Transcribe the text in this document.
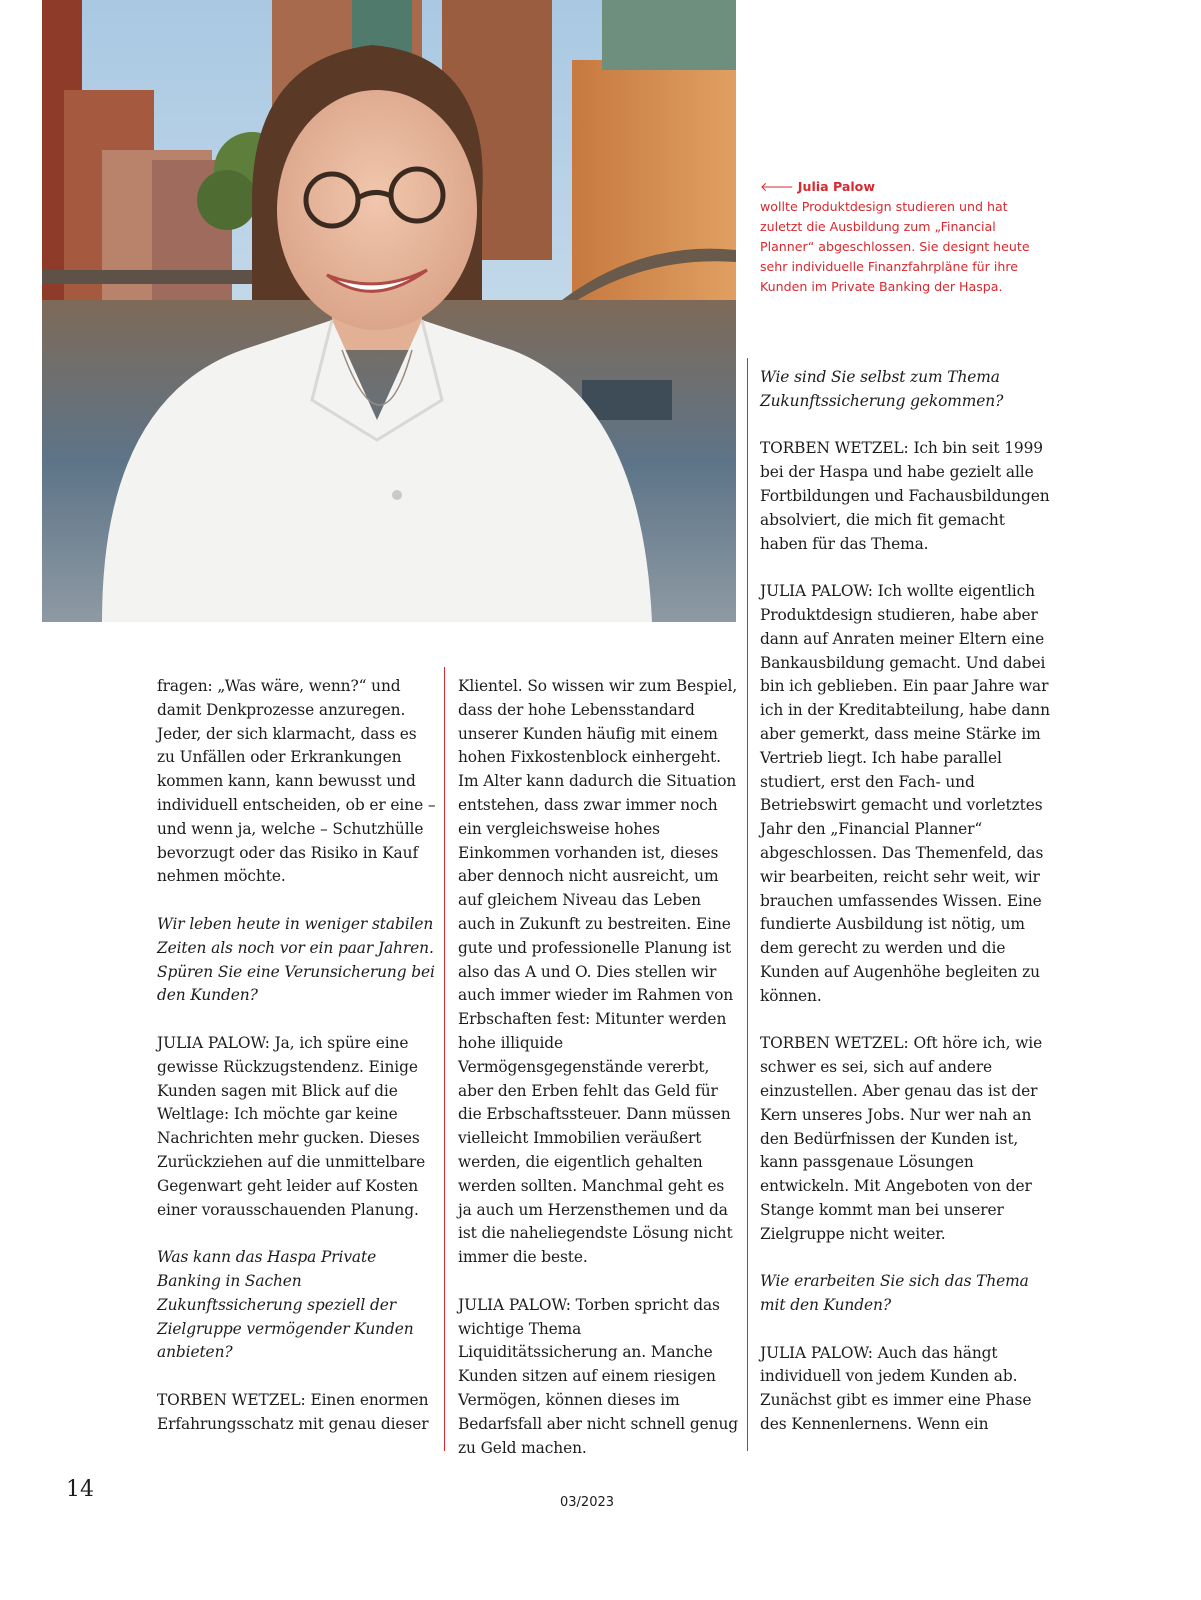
🡐 Julia Palow
wollte Produktdesign studieren und hat zuletzt die Ausbildung zum „Financial Planner“ abgeschlossen. Sie designt heute sehr individuelle Finanzfahrpläne für ihre Kunden im Private Banking der Haspa.

fragen: „Was wäre, wenn?“ und damit Denkprozesse anzuregen. Jeder, der sich klarmacht, dass es zu Unfällen oder Erkrankungen kommen kann, kann bewusst und individuell entscheiden, ob er eine – und wenn ja, welche – Schutzhülle bevorzugt oder das Risiko in Kauf nehmen möchte.

Wir leben heute in weniger stabilen Zeiten als noch vor ein paar Jahren. Spüren Sie eine Verunsicherung bei den Kunden?

JULIA PALOW: Ja, ich spüre eine gewisse Rückzugstendenz. Einige Kunden sagen mit Blick auf die Weltlage: Ich möchte gar keine Nachrichten mehr gucken. Dieses Zurückziehen auf die unmittelbare Gegenwart geht leider auf Kosten einer vorausschauenden Planung.

Was kann das Haspa Private Banking in Sachen Zukunftssicherung speziell der Zielgruppe vermögender Kunden anbieten?

TORBEN WETZEL: Einen enormen Erfahrungsschatz mit genau dieser

Klientel. So wissen wir zum Bespiel, dass der hohe Lebensstandard unserer Kunden häufig mit einem hohen Fixkostenblock einhergeht. Im Alter kann dadurch die Situation entstehen, dass zwar immer noch ein vergleichsweise hohes Einkommen vorhanden ist, dieses aber dennoch nicht ausreicht, um auf gleichem Niveau das Leben auch in Zukunft zu bestreiten. Eine gute und professionelle Planung ist also das A und O. Dies stellen wir auch immer wieder im Rahmen von Erbschaften fest: Mitunter werden hohe illiquide Vermögensgegenstände vererbt, aber den Erben fehlt das Geld für die Erbschaftssteuer. Dann müssen vielleicht Immobilien veräußert werden, die eigentlich gehalten werden sollten. Manchmal geht es ja auch um Herzensthemen und da ist die naheliegendste Lösung nicht immer die beste.

JULIA PALOW: Torben spricht das wichtige Thema Liquiditätssicherung an. Manche Kunden sitzen auf einem riesigen Vermögen, können dieses im Bedarfsfall aber nicht schnell genug zu Geld machen.

Wie sind Sie selbst zum Thema Zukunftssicherung gekommen?

TORBEN WETZEL: Ich bin seit 1999 bei der Haspa und habe gezielt alle Fortbildungen und Fachausbildungen absolviert, die mich fit gemacht haben für das Thema.

JULIA PALOW: Ich wollte eigentlich Produktdesign studieren, habe aber dann auf Anraten meiner Eltern eine Bankausbildung gemacht. Und dabei bin ich geblieben. Ein paar Jahre war ich in der Kreditabteilung, habe dann aber gemerkt, dass meine Stärke im Vertrieb liegt. Ich habe parallel studiert, erst den Fach- und Betriebswirt gemacht und vorletztes Jahr den „Financial Planner“ abgeschlossen. Das Themenfeld, das wir bearbeiten, reicht sehr weit, wir brauchen umfassendes Wissen. Eine fundierte Ausbildung ist nötig, um dem gerecht zu werden und die Kunden auf Augenhöhe begleiten zu können.

TORBEN WETZEL: Oft höre ich, wie schwer es sei, sich auf andere einzustellen. Aber genau das ist der Kern unseres Jobs. Nur wer nah an den Bedürfnissen der Kunden ist, kann passgenaue Lösungen entwickeln. Mit Angeboten von der Stange kommt man bei unserer Zielgruppe nicht weiter.

Wie erarbeiten Sie sich das Thema mit den Kunden?

JULIA PALOW: Auch das hängt individuell von jedem Kunden ab. Zunächst gibt es immer eine Phase des Kennenlernens. Wenn ein

14
03/2023
